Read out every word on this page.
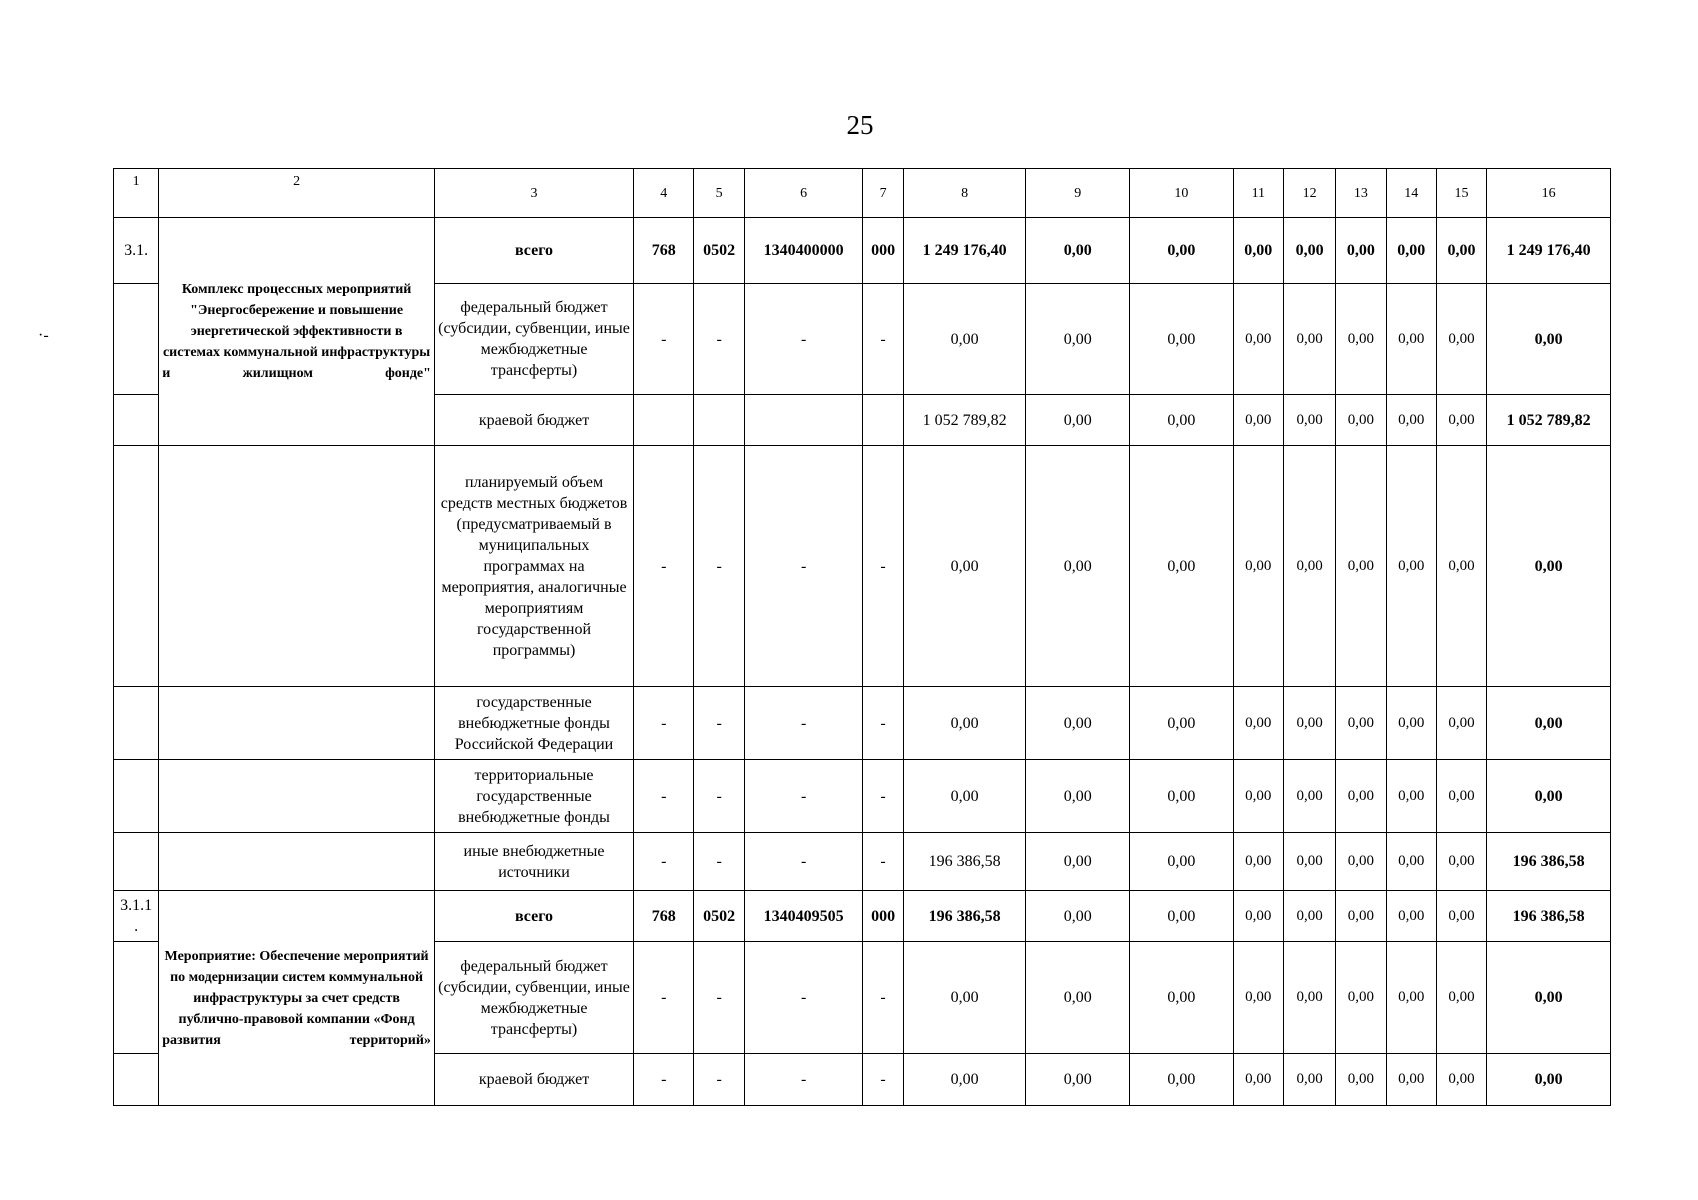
25
·-
1	2	3	4	5	6	7	8	9	10	11	12	13	14	15	16
3.1.	Комплекс процессных мероприятий "Энергосбережение и повышение энергетической эффективности в системах коммунальной инфраструктуры и жилищном фонде"	всего	768	0502	1340400000	000	1 249 176,40	0,00	0,00	0,00	0,00	0,00	0,00	0,00	1 249 176,40
		федеральный бюджет (субсидии, субвенции, иные межбюджетные трансферты)	-	-	-	-	0,00	0,00	0,00	0,00	0,00	0,00	0,00	0,00	0,00
		краевой бюджет					1 052 789,82	0,00	0,00	0,00	0,00	0,00	0,00	0,00	1 052 789,82
		планируемый объем средств местных бюджетов (предусматриваемый в муниципальных программах на мероприятия, аналогичные мероприятиям государственной программы)	-	-	-	-	0,00	0,00	0,00	0,00	0,00	0,00	0,00	0,00	0,00
		государственные внебюджетные фонды Российской Федерации	-	-	-	-	0,00	0,00	0,00	0,00	0,00	0,00	0,00	0,00	0,00
		территориальные государственные внебюджетные фонды	-	-	-	-	0,00	0,00	0,00	0,00	0,00	0,00	0,00	0,00	0,00
		иные внебюджетные источники	-	-	-	-	196 386,58	0,00	0,00	0,00	0,00	0,00	0,00	0,00	196 386,58
3.1.1 .	Мероприятие: Обеспечение мероприятий по модернизации систем коммунальной инфраструктуры за счет средств публично-правовой компании «Фонд развития территорий»	всего	768	0502	1340409505	000	196 386,58	0,00	0,00	0,00	0,00	0,00	0,00	0,00	196 386,58
		федеральный бюджет (субсидии, субвенции, иные межбюджетные трансферты)	-	-	-	-	0,00	0,00	0,00	0,00	0,00	0,00	0,00	0,00	0,00
		краевой бюджет	-	-	-	-	0,00	0,00	0,00	0,00	0,00	0,00	0,00	0,00	0,00
